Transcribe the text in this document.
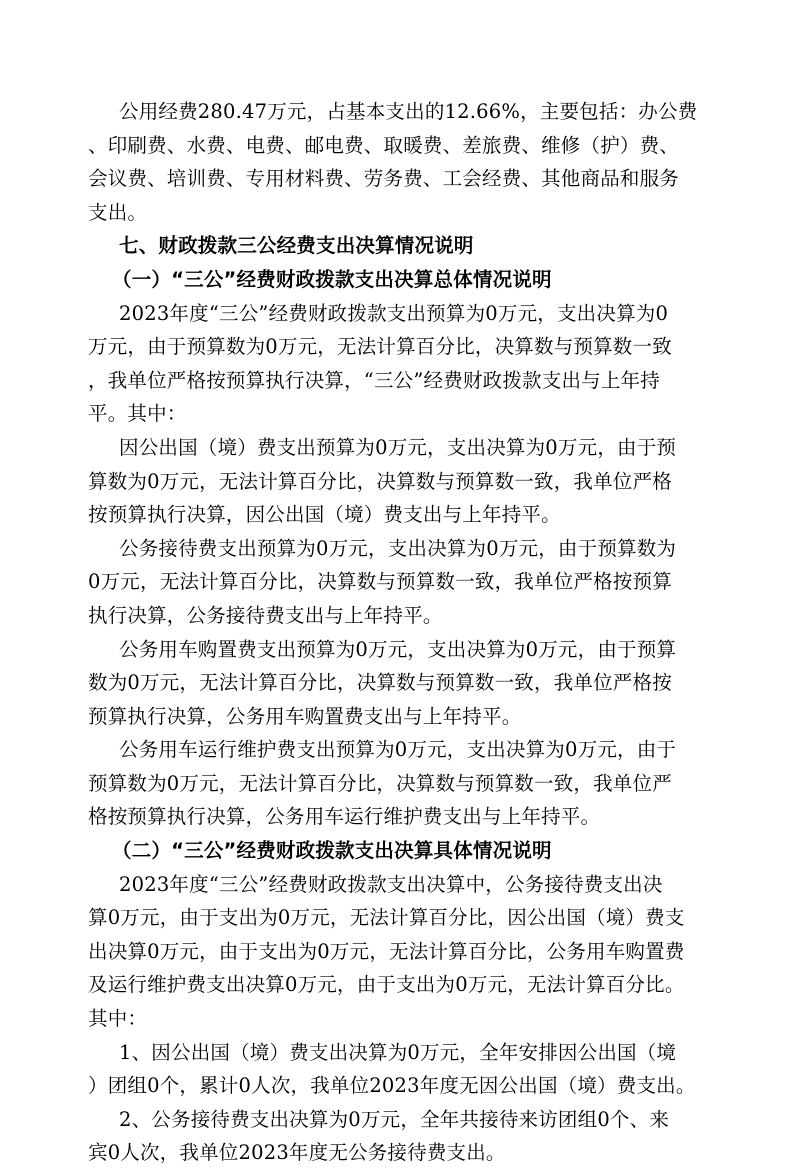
公用经费280.47万元，占基本支出的12.66%，主要包括：办公费
、印刷费、水费、电费、邮电费、取暖费、差旅费、维修（护）费、
会议费、培训费、专用材料费、劳务费、工会经费、其他商品和服务
支出。
七、财政拨款三公经费支出决算情况说明
（一）“三公”经费财政拨款支出决算总体情况说明
2023年度“三公”经费财政拨款支出预算为0万元，支出决算为0
万元，由于预算数为0万元，无法计算百分比，决算数与预算数一致
，我单位严格按预算执行决算，“三公”经费财政拨款支出与上年持
平。其中：
因公出国（境）费支出预算为0万元，支出决算为0万元，由于预
算数为0万元，无法计算百分比，决算数与预算数一致，我单位严格
按预算执行决算，因公出国（境）费支出与上年持平。
公务接待费支出预算为0万元，支出决算为0万元，由于预算数为
0万元，无法计算百分比，决算数与预算数一致，我单位严格按预算
执行决算，公务接待费支出与上年持平。
公务用车购置费支出预算为0万元，支出决算为0万元，由于预算
数为0万元，无法计算百分比，决算数与预算数一致，我单位严格按
预算执行决算，公务用车购置费支出与上年持平。
公务用车运行维护费支出预算为0万元，支出决算为0万元，由于
预算数为0万元，无法计算百分比，决算数与预算数一致，我单位严
格按预算执行决算，公务用车运行维护费支出与上年持平。
（二）“三公”经费财政拨款支出决算具体情况说明
2023年度“三公”经费财政拨款支出决算中，公务接待费支出决
算0万元，由于支出为0万元，无法计算百分比，因公出国（境）费支
出决算0万元，由于支出为0万元，无法计算百分比，公务用车购置费
及运行维护费支出决算0万元，由于支出为0万元，无法计算百分比。
其中：
1、因公出国（境）费支出决算为0万元，全年安排因公出国（境
）团组0个，累计0人次，我单位2023年度无因公出国（境）费支出。
2、公务接待费支出决算为0万元，全年共接待来访团组0个、来
宾0人次，我单位2023年度无公务接待费支出。
